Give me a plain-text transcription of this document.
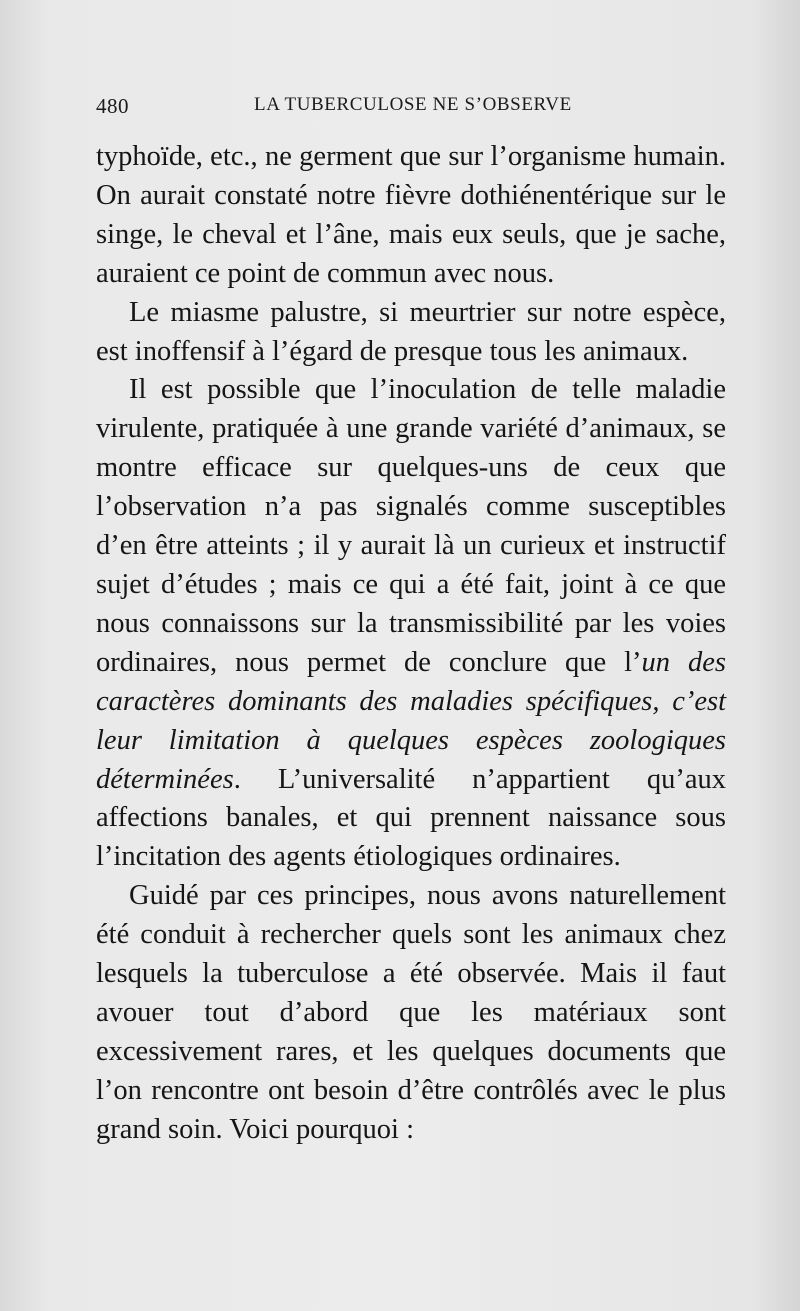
480	LA TUBERCULOSE NE S’OBSERVE

typhoïde, etc., ne germent que sur l’organisme humain. On aurait constaté notre fièvre dothiénentérique sur le singe, le cheval et l’âne, mais eux seuls, que je sache, auraient ce point de commun avec nous.

Le miasme palustre, si meurtrier sur notre espèce, est inoffensif à l’égard de presque tous les animaux.

Il est possible que l’inoculation de telle maladie virulente, pratiquée à une grande variété d’animaux, se montre efficace sur quelques-uns de ceux que l’observation n’a pas signalés comme susceptibles d’en être atteints ; il y aurait là un curieux et instructif sujet d’études ; mais ce qui a été fait, joint à ce que nous connaissons sur la transmissibilité par les voies ordinaires, nous permet de conclure que l’un des caractères dominants des maladies spécifiques, c’est leur limitation à quelques espèces zoologiques déterminées. L’universalité n’appartient qu’aux affections banales, et qui prennent naissance sous l’incitation des agents étiologiques ordinaires.

Guidé par ces principes, nous avons naturellement été conduit à rechercher quels sont les animaux chez lesquels la tuberculose a été observée. Mais il faut avouer tout d’abord que les matériaux sont excessivement rares, et les quelques documents que l’on rencontre ont besoin d’être contrôlés avec le plus grand soin. Voici pourquoi :
